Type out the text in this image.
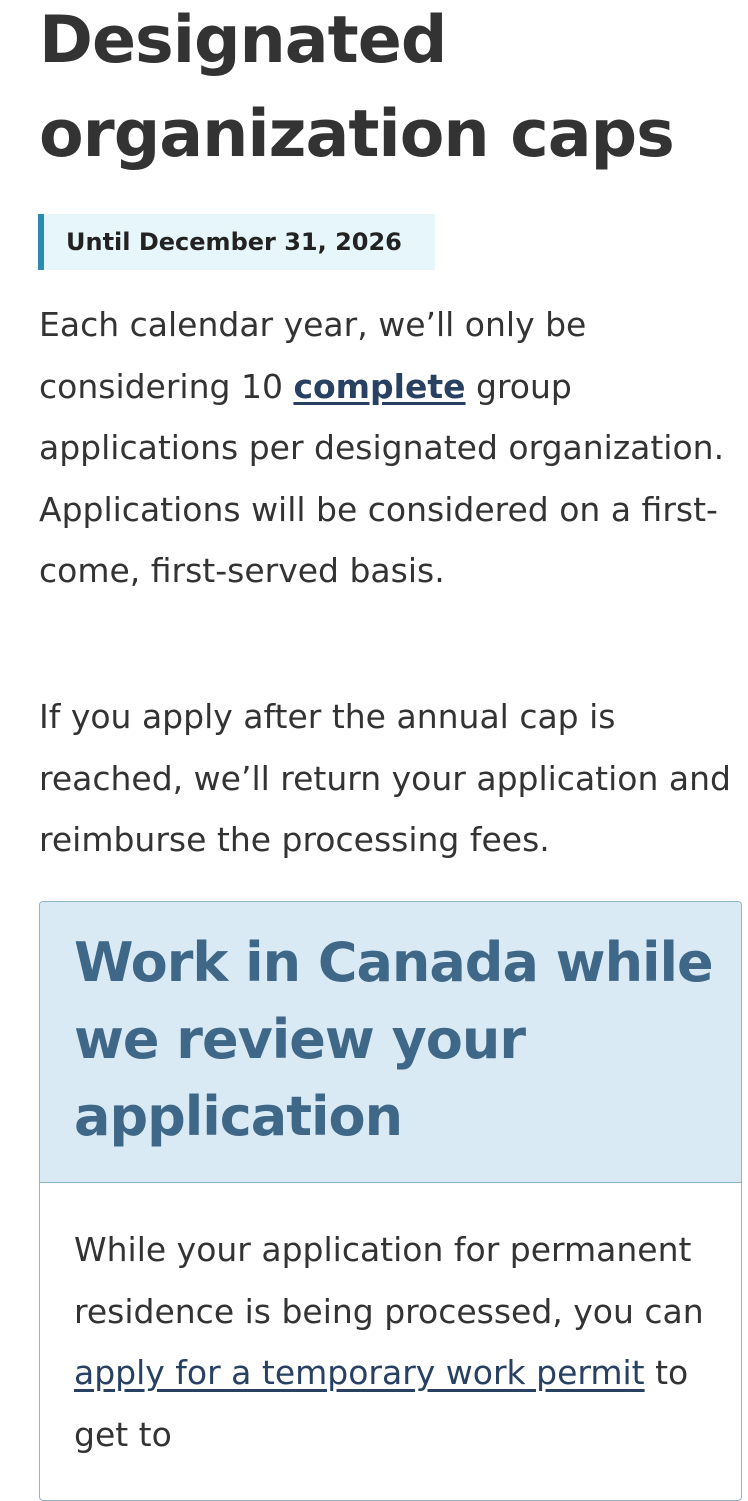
Designated
organization caps
Until December 31, 2026

Each calendar year, we’ll only be considering 10 complete group applications per designated organization. Applications will be considered on a first-come, first-served basis.

If you apply after the annual cap is reached, we’ll return your application and reimburse the processing fees.

Work in Canada while we review your application

While your application for permanent residence is being processed, you can apply for a temporary work permit to get to
